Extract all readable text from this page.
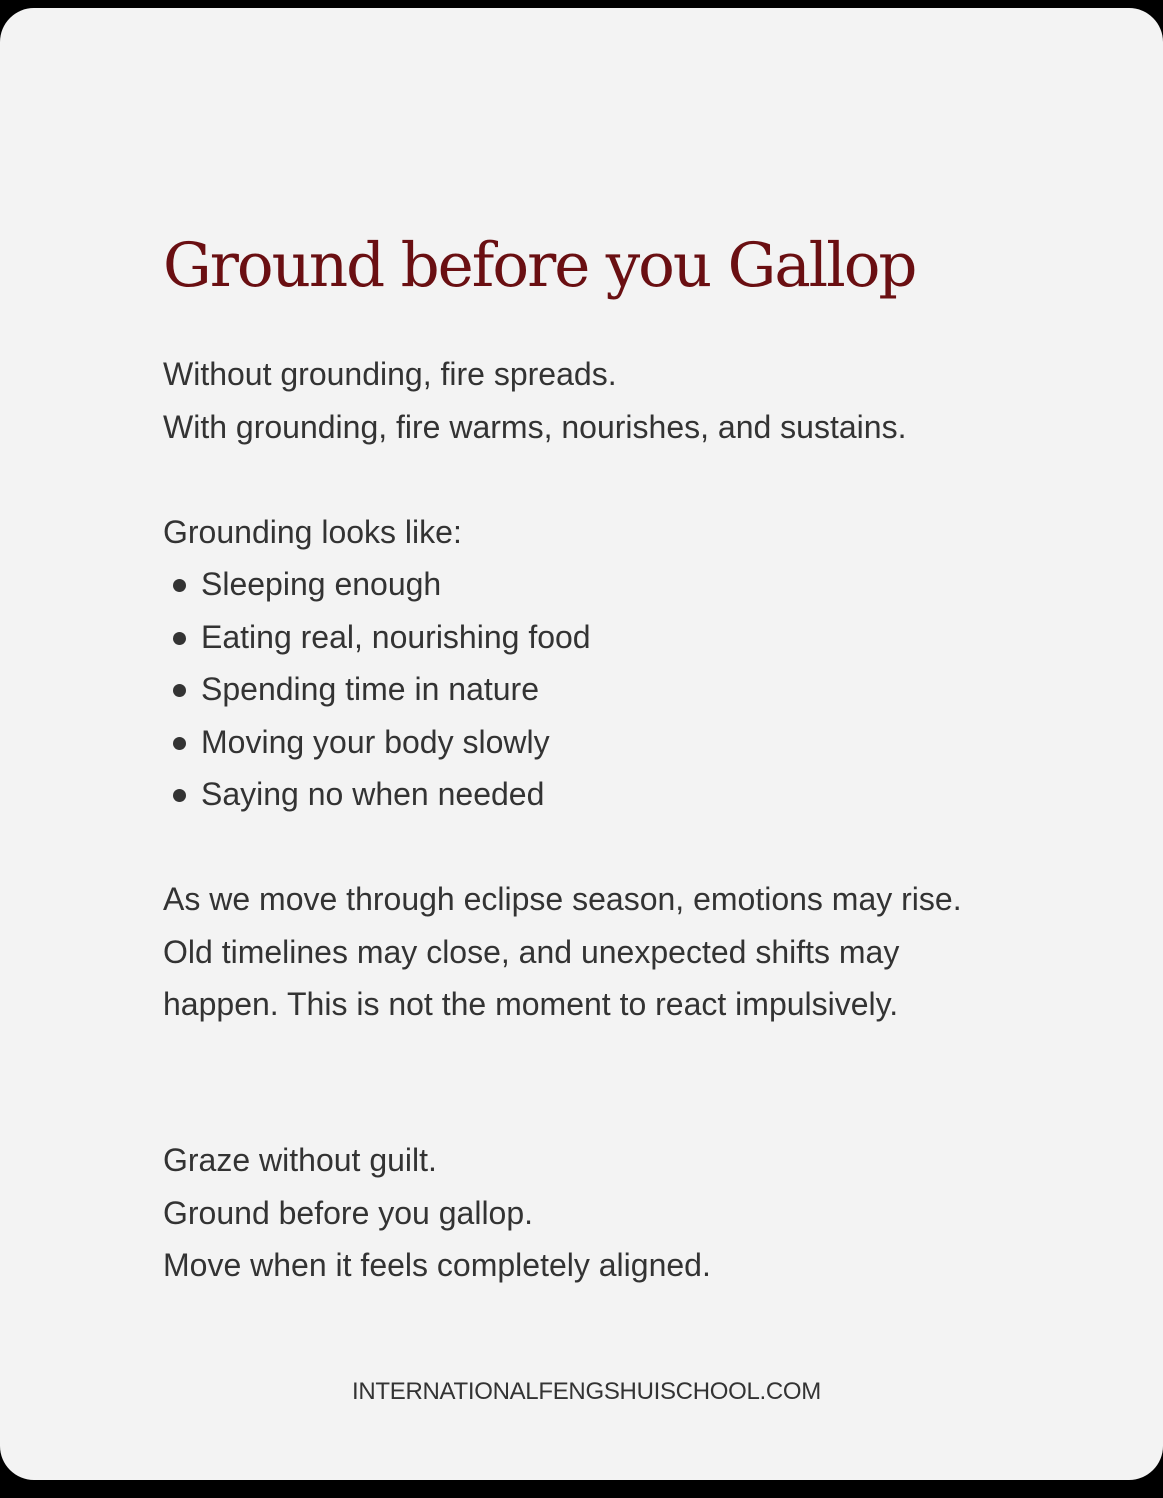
Ground before you Gallop

Without grounding, fire spreads.
With grounding, fire warms, nourishes, and sustains.

Grounding looks like:

Sleeping enough
Eating real, nourishing food
Spending time in nature
Moving your body slowly
Saying no when needed

As we move through eclipse season, emotions may rise. Old timelines may close, and unexpected shifts may happen. This is not the moment to react impulsively.

Graze without guilt.
Ground before you gallop.
Move when it feels completely aligned.

INTERNATIONALFENGSHUISCHOOL.COM
